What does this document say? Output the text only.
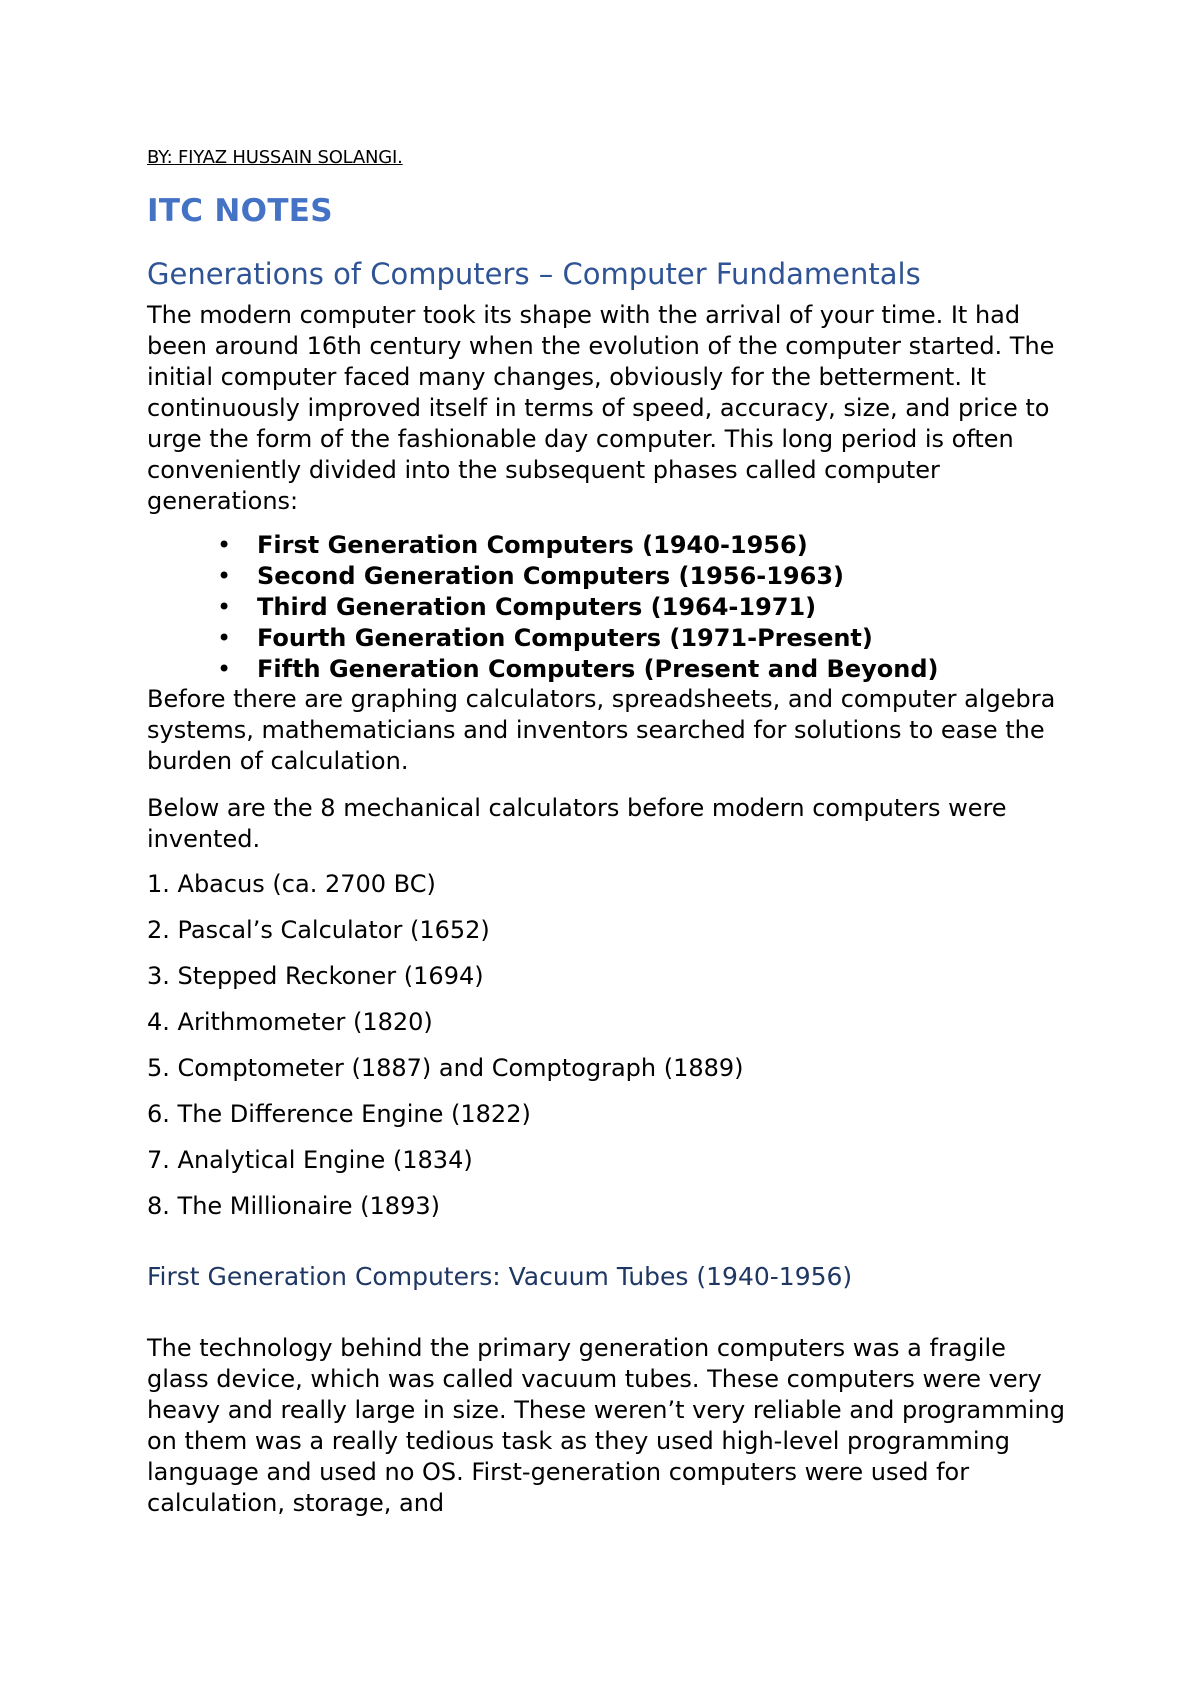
BY: FIYAZ HUSSAIN SOLANGI.
ITC NOTES
Generations of Computers – Computer Fundamentals

The modern computer took its shape with the arrival of your time. It had been around 16th century when the evolution of the computer started. The initial computer faced many changes, obviously for the betterment. It continuously improved itself in terms of speed, accuracy, size, and price to urge the form of the fashionable day computer. This long period is often conveniently divided into the subsequent phases called computer generations:

• First Generation Computers (1940-1956)
• Second Generation Computers (1956-1963)
• Third Generation Computers (1964-1971)
• Fourth Generation Computers (1971-Present)
• Fifth Generation Computers (Present and Beyond)

Before there are graphing calculators, spreadsheets, and computer algebra systems, mathematicians and inventors searched for solutions to ease the burden of calculation.

Below are the 8 mechanical calculators before modern computers were invented.

1. Abacus (ca. 2700 BC)
2. Pascal’s Calculator (1652)
3. Stepped Reckoner (1694)
4. Arithmometer (1820)
5. Comptometer (1887) and Comptograph (1889)
6. The Difference Engine (1822)
7. Analytical Engine (1834)
8. The Millionaire (1893)
First Generation Computers: Vacuum Tubes (1940-1956)

The technology behind the primary generation computers was a fragile glass device, which was called vacuum tubes. These computers were very heavy and really large in size. These weren’t very reliable and programming on them was a really tedious task as they used high-level programming language and used no OS. First-generation computers were used for calculation, storage, and
